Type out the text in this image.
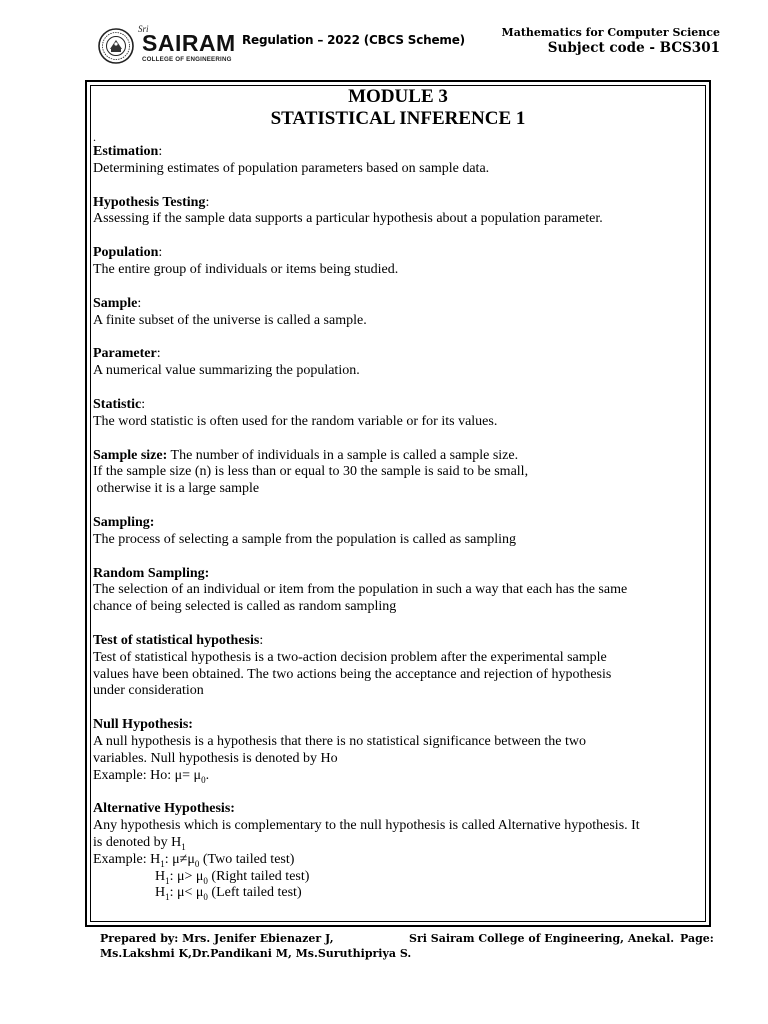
Sri
SAIRAM
COLLEGE OF ENGINEERING
Regulation – 2022 (CBCS Scheme)
Mathematics for Computer Science
Subject code - BCS301
MODULE 3
STATISTICAL INFERENCE 1
.

Estimation:

Determining estimates of population parameters based on sample data.

Hypothesis Testing:

Assessing if the sample data supports a particular hypothesis about a population parameter.

Population:

The entire group of individuals or items being studied.

Sample:

A finite subset of the universe is called a sample.

Parameter:

A numerical value summarizing the population.

Statistic:

The word statistic is often used for the random variable or for its values.

Sample size: The number of individuals in a sample is called a sample size.

If the sample size (n) is less than or equal to 30 the sample is said to be small,

otherwise it is a large sample

Sampling:

The process of selecting a sample from the population is called as sampling

Random Sampling:

The selection of an individual or item from the population in such a way that each has the same

chance of being selected is called as random sampling

Test of statistical hypothesis:

Test of statistical hypothesis is a two-action decision problem after the experimental sample

values have been obtained. The two actions being the acceptance and rejection of hypothesis

under consideration

Null Hypothesis:

A null hypothesis is a hypothesis that there is no statistical significance between the two

variables. Null hypothesis is denoted by Ho

Example: Ho: $\mu= \mu_0$.

Alternative Hypothesis:

Any hypothesis which is complementary to the null hypothesis is called Alternative hypothesis. It

is denoted by $H_1$

Example: $H_1$: $\mu\ne\mu_0$ (Two tailed test)

$H_1$: $\mu> \mu_0$ (Right tailed test)

$H_1$: $\mu< \mu_0$ (Left tailed test)

Prepared by: Mrs. Jenifer Ebienazer J,
Ms.Lakshmi K,Dr.Pandikani M, Ms.Suruthipriya S.
Sri Sairam College of Engineering, Anekal. Page:
